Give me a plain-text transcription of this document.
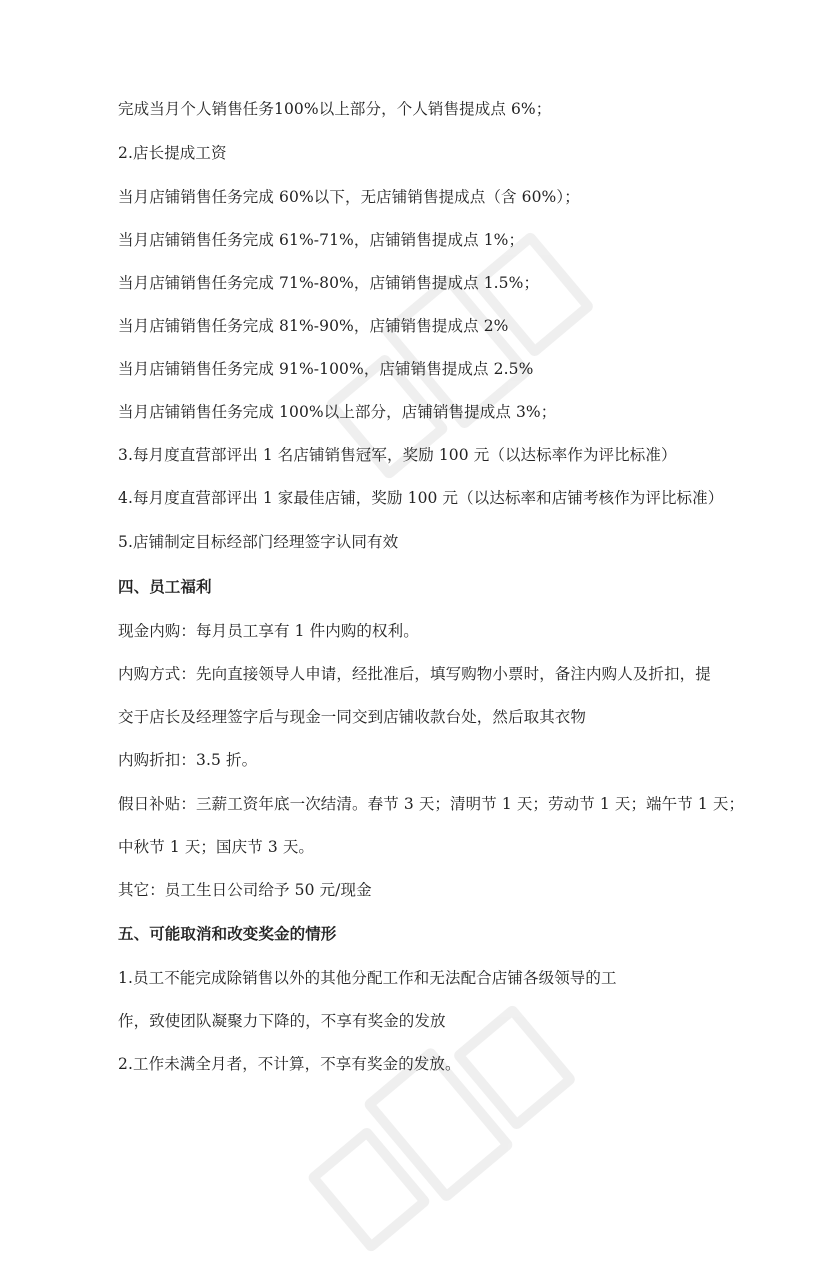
完成当月个人销售任务100%以上部分，个人销售提成点 6%；
2.店长提成工资
当月店铺销售任务完成 60%以下，无店铺销售提成点（含 60%）；
当月店铺销售任务完成 61%-71%，店铺销售提成点 1%；
当月店铺销售任务完成 71%-80%，店铺销售提成点 1.5%；
当月店铺销售任务完成 81%-90%，店铺销售提成点 2%
当月店铺销售任务完成 91%-100%，店铺销售提成点 2.5%
当月店铺销售任务完成 100%以上部分，店铺销售提成点 3%；
3.每月度直营部评出 1 名店铺销售冠军，奖励 100 元（以达标率作为评比标准）
4.每月度直营部评出 1 家最佳店铺，奖励 100 元（以达标率和店铺考核作为评比标准）
5.店铺制定目标经部门经理签字认同有效
四、员工福利
现金内购：每月员工享有 1 件内购的权利。
内购方式：先向直接领导人申请，经批准后，填写购物小票时，备注内购人及折扣，提
交于店长及经理签字后与现金一同交到店铺收款台处，然后取其衣物
内购折扣：3.5 折。
假日补贴：三薪工资年底一次结清。春节 3 天；清明节 1 天；劳动节 1 天；端午节 1 天；
中秋节 1 天；国庆节 3 天。
其它：员工生日公司给予 50 元/现金
五、可能取消和改变奖金的情形
1.员工不能完成除销售以外的其他分配工作和无法配合店铺各级领导的工
作，致使团队凝聚力下降的，不享有奖金的发放
2.工作未满全月者，不计算，不享有奖金的发放。
